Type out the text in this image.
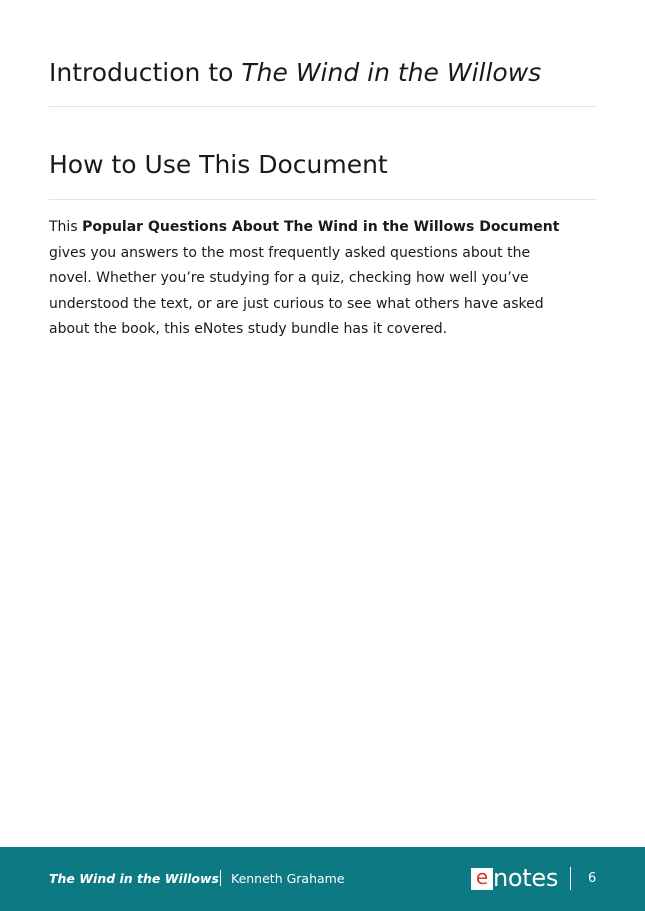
Introduction to The Wind in the Willows
How to Use This Document

This Popular Questions About The Wind in the Willows Document
gives you answers to the most frequently asked questions about the
novel. Whether you’re studying for a quiz, checking how well you’ve
understood the text, or are just curious to see what others have asked
about the book, this eNotes study bundle has it covered.

The Wind in the Willows Kenneth Grahame	e notes 6
